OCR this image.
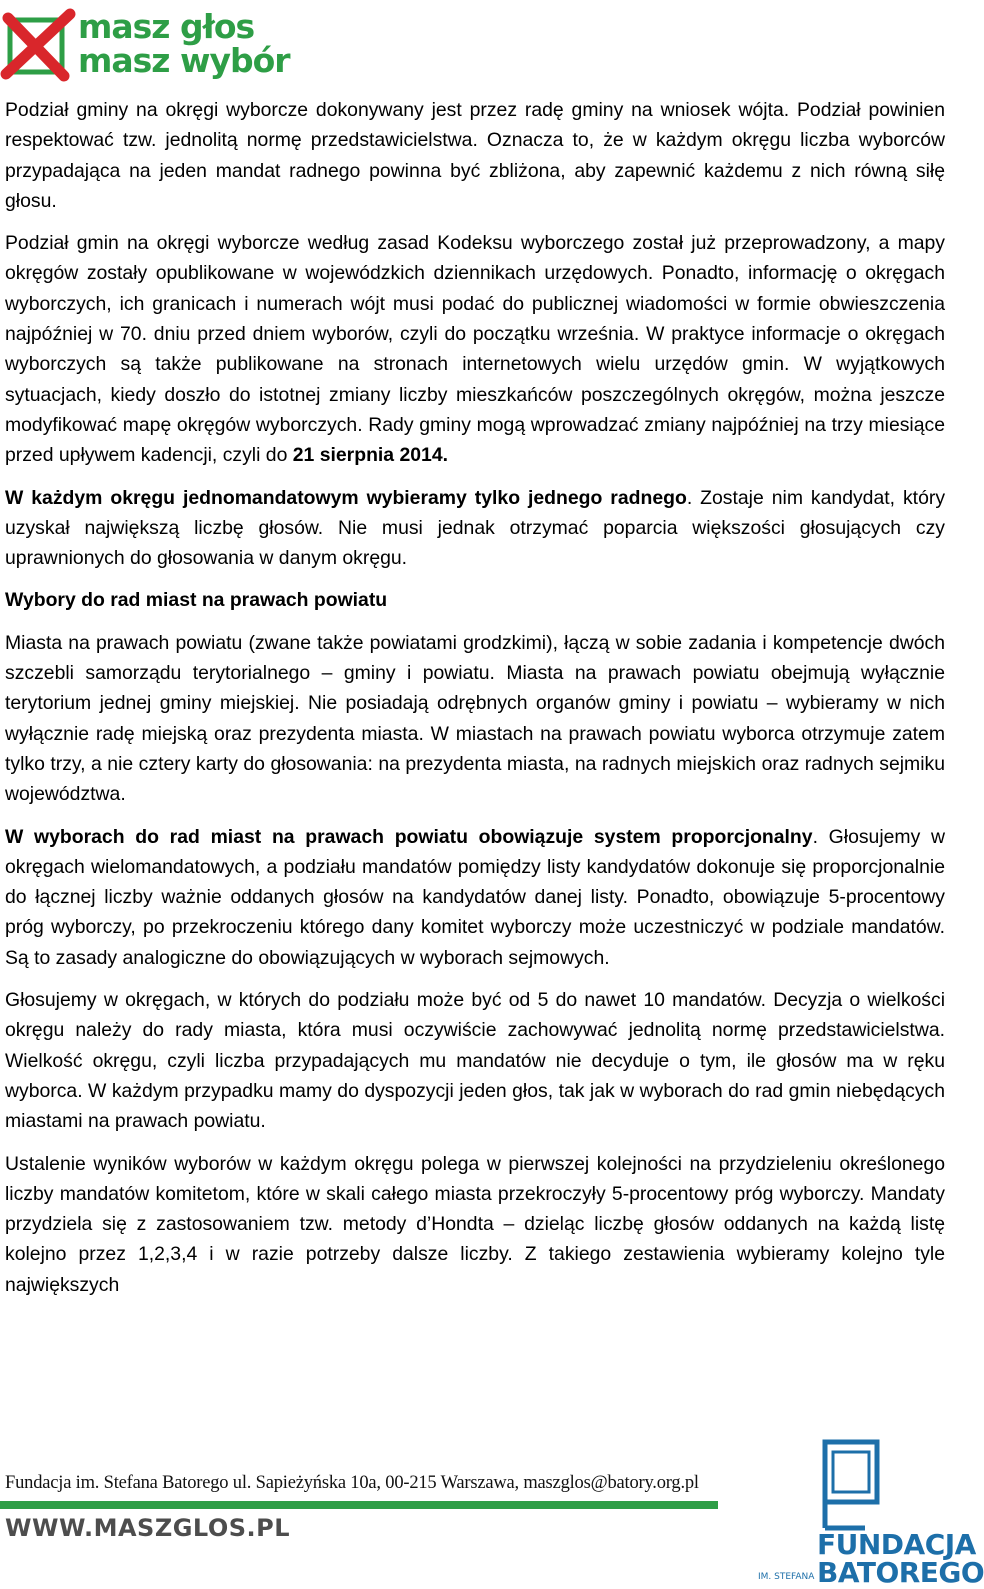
masz głos
masz wybór

Podział gminy na okręgi wyborcze dokonywany jest przez radę gminy na wniosek wójta. Podział powinien respektować tzw. jednolitą normę przedstawicielstwa. Oznacza to, że w każdym okręgu liczba wyborców przypadająca na jeden mandat radnego powinna być zbliżona, aby zapewnić każdemu z nich równą siłę głosu.

Podział gmin na okręgi wyborcze według zasad Kodeksu wyborczego został już przeprowadzony, a mapy okręgów zostały opublikowane w wojewódzkich dziennikach urzędowych. Ponadto, informację o okręgach wyborczych, ich granicach i numerach wójt musi podać do publicznej wiadomości w formie obwieszczenia najpóźniej w 70. dniu przed dniem wyborów, czyli do początku września. W praktyce informacje o okręgach wyborczych są także publikowane na stronach internetowych wielu urzędów gmin. W wyjątkowych sytuacjach, kiedy doszło do istotnej zmiany liczby mieszkańców poszczególnych okręgów, można jeszcze modyfikować mapę okręgów wyborczych. Rady gminy mogą wprowadzać zmiany najpóźniej na trzy miesiące przed upływem kadencji, czyli do 21 sierpnia 2014.

W każdym okręgu jednomandatowym wybieramy tylko jednego radnego. Zostaje nim kandydat, który uzyskał największą liczbę głosów. Nie musi jednak otrzymać poparcia większości głosujących czy uprawnionych do głosowania w danym okręgu.

Wybory do rad miast na prawach powiatu

Miasta na prawach powiatu (zwane także powiatami grodzkimi), łączą w sobie zadania i kompetencje dwóch szczebli samorządu terytorialnego – gminy i powiatu. Miasta na prawach powiatu obejmują wyłącznie terytorium jednej gminy miejskiej. Nie posiadają odrębnych organów gminy i powiatu – wybieramy w nich wyłącznie radę miejską oraz prezydenta miasta. W miastach na prawach powiatu wyborca otrzymuje zatem tylko trzy, a nie cztery karty do głosowania: na prezydenta miasta, na radnych miejskich oraz radnych sejmiku województwa.

W wyborach do rad miast na prawach powiatu obowiązuje system proporcjonalny. Głosujemy w okręgach wielomandatowych, a podziału mandatów pomiędzy listy kandydatów dokonuje się proporcjonalnie do łącznej liczby ważnie oddanych głosów na kandydatów danej listy. Ponadto, obowiązuje 5-procentowy próg wyborczy, po przekroczeniu którego dany komitet wyborczy może uczestniczyć w podziale mandatów. Są to zasady analogiczne do obowiązujących w wyborach sejmowych.

Głosujemy w okręgach, w których do podziału może być od 5 do nawet 10 mandatów. Decyzja o wielkości okręgu należy do rady miasta, która musi oczywiście zachowywać jednolitą normę przedstawicielstwa. Wielkość okręgu, czyli liczba przypadających mu mandatów nie decyduje o tym, ile głosów ma w ręku wyborca. W każdym przypadku mamy do dyspozycji jeden głos, tak jak w wyborach do rad gmin niebędących miastami na prawach powiatu.

Ustalenie wyników wyborów w każdym okręgu polega w pierwszej kolejności na przydzieleniu określonego liczby mandatów komitetom, które w skali całego miasta przekroczyły 5-procentowy próg wyborczy. Mandaty przydziela się z zastosowaniem tzw. metody d’Hondta – dzieląc liczbę głosów oddanych na każdą listę kolejno przez 1,2,3,4 i w razie potrzeby dalsze liczby. Z takiego zestawienia wybieramy kolejno tyle największych

Fundacja im. Stefana Batorego ul. Sapieżyńska 10a, 00-215 Warszawa, maszglos@batory.org.pl
WWW.MASZGLOS.PL
IM. STEFANA
FUNDACJA
BATOREGO
